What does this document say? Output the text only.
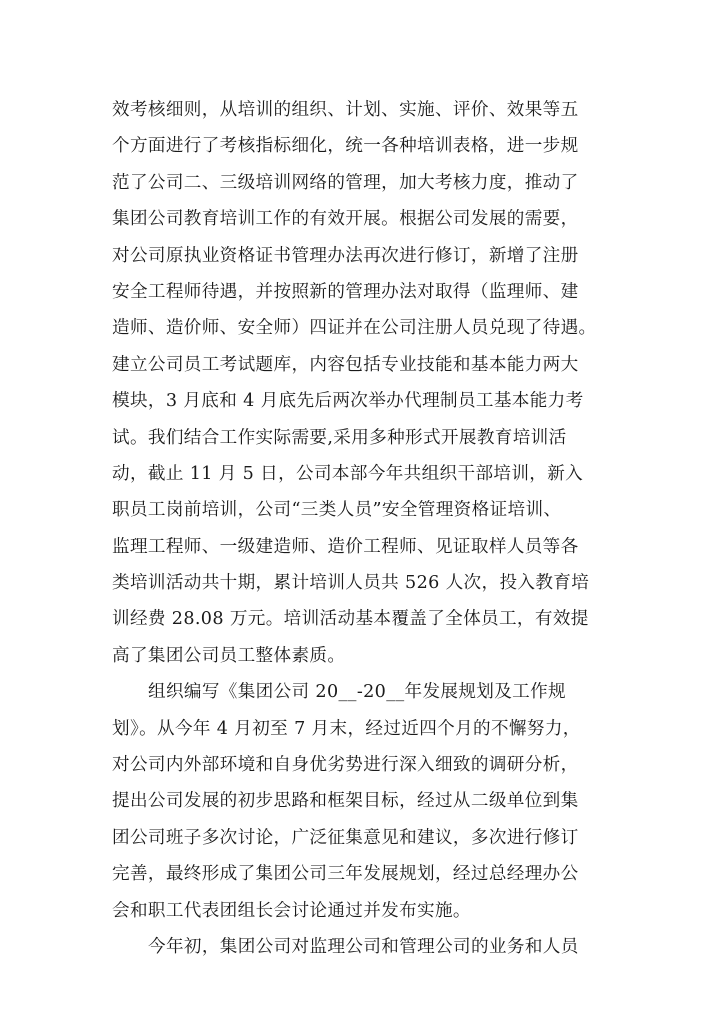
效考核细则，从培训的组织、计划、实施、评价、效果等五
个方面进行了考核指标细化，统一各种培训表格，进一步规
范了公司二、三级培训网络的管理，加大考核力度，推动了
集团公司教育培训工作的有效开展。根据公司发展的需要，
对公司原执业资格证书管理办法再次进行修订，新增了注册
安全工程师待遇，并按照新的管理办法对取得（监理师、建
造师、造价师、安全师）四证并在公司注册人员兑现了待遇。
建立公司员工考试题库，内容包括专业技能和基本能力两大
模块，3 月底和 4 月底先后两次举办代理制员工基本能力考
试。我们结合工作实际需要,采用多种形式开展教育培训活
动，截止 11 月 5 日，公司本部今年共组织干部培训，新入
职员工岗前培训，公司“三类人员”安全管理资格证培训、
监理工程师、一级建造师、造价工程师、见证取样人员等各
类培训活动共十期，累计培训人员共 526 人次，投入教育培
训经费 28.08 万元。培训活动基本覆盖了全体员工，有效提
高了集团公司员工整体素质。
组织编写《集团公司 20__-20__年发展规划及工作规
划》。从今年 4 月初至 7 月末，经过近四个月的不懈努力，
对公司内外部环境和自身优劣势进行深入细致的调研分析，
提出公司发展的初步思路和框架目标，经过从二级单位到集
团公司班子多次讨论，广泛征集意见和建议，多次进行修订
完善，最终形成了集团公司三年发展规划，经过总经理办公
会和职工代表团组长会讨论通过并发布实施。
今年初，集团公司对监理公司和管理公司的业务和人员
